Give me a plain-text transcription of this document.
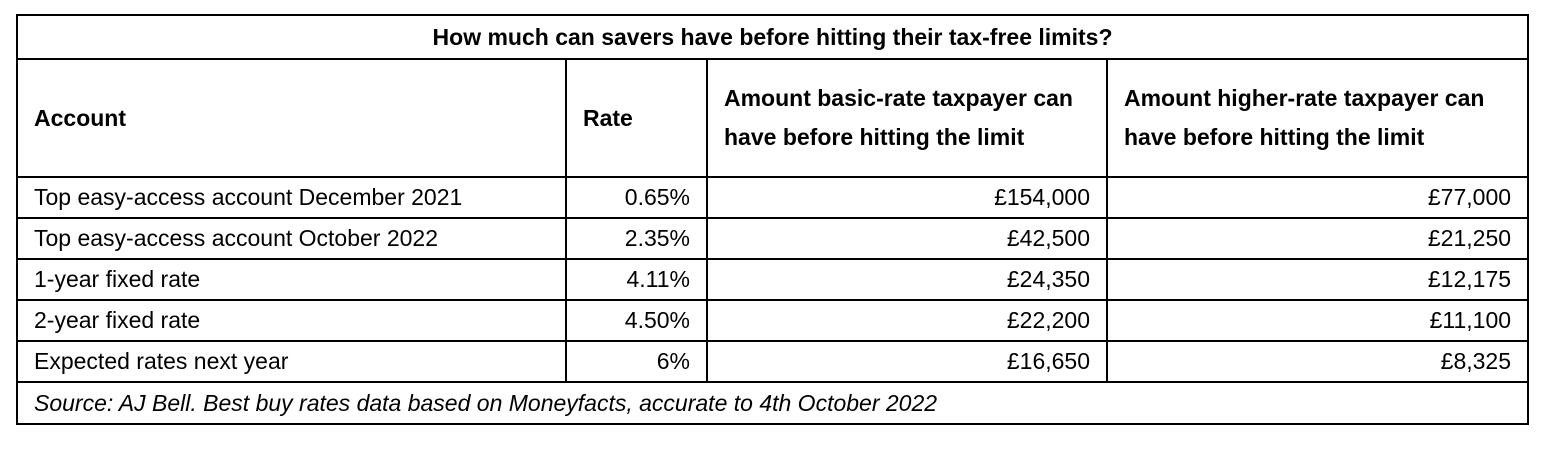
How much can savers have before hitting their tax-free limits?			
Account	Rate	Amount basic-rate taxpayer can have before hitting the limit	Amount higher-rate taxpayer can have before hitting the limit
Top easy-access account December 2021	0.65%	£154,000	£77,000
Top easy-access account October 2022	2.35%	£42,500	£21,250
1-year fixed rate	4.11%	£24,350	£12,175
2-year fixed rate	4.50%	£22,200	£11,100
Expected rates next year	6%	£16,650	£8,325
Source: AJ Bell. Best buy rates data based on Moneyfacts, accurate to 4th October 2022			
